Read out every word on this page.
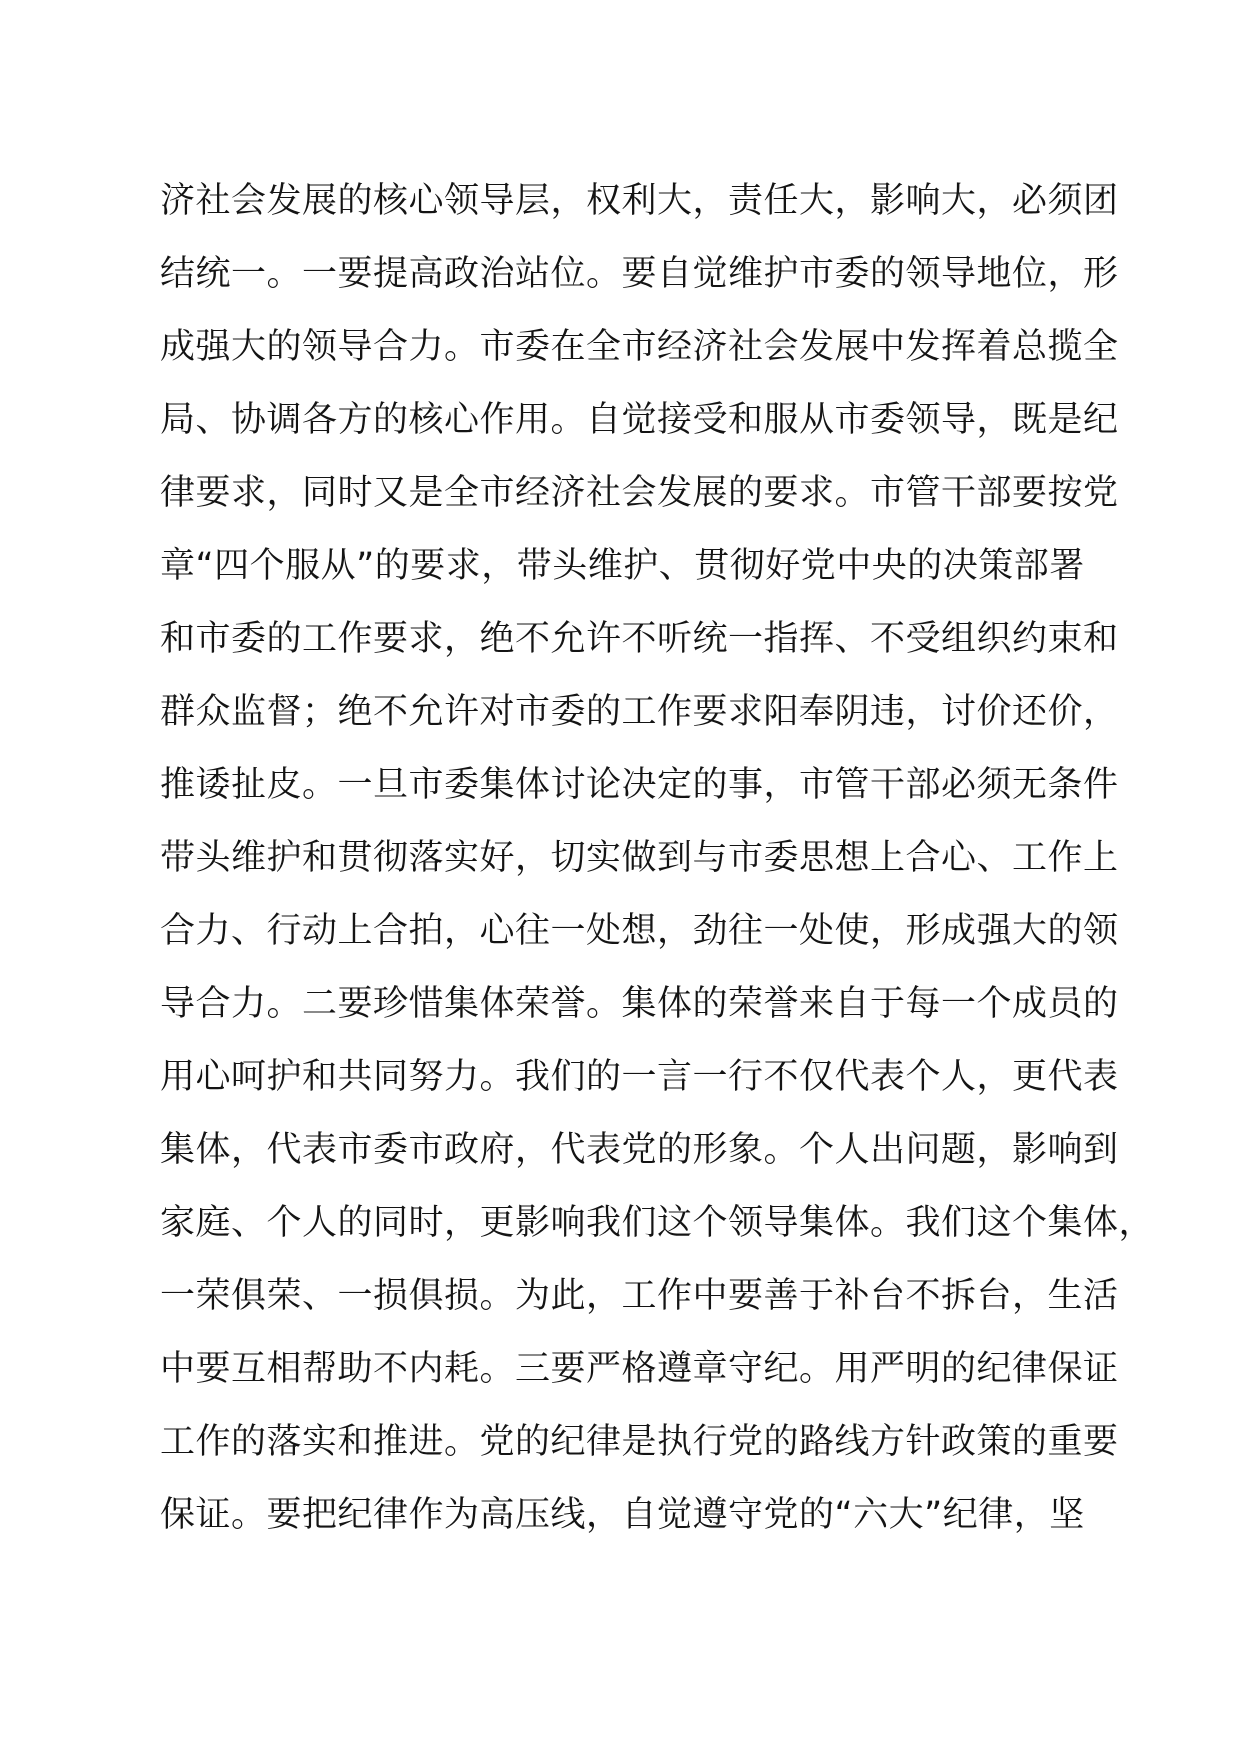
济社会发展的核心领导层，权利大，责任大，影响大，必须团
结统一。一要提高政治站位。要自觉维护市委的领导地位，形
成强大的领导合力。市委在全市经济社会发展中发挥着总揽全
局、协调各方的核心作用。自觉接受和服从市委领导，既是纪
律要求，同时又是全市经济社会发展的要求。市管干部要按党
章“四个服从”的要求，带头维护、贯彻好党中央的决策部署
和市委的工作要求，绝不允许不听统一指挥、不受组织约束和
群众监督；绝不允许对市委的工作要求阳奉阴违，讨价还价，
推诿扯皮。一旦市委集体讨论决定的事，市管干部必须无条件
带头维护和贯彻落实好，切实做到与市委思想上合心、工作上
合力、行动上合拍，心往一处想，劲往一处使，形成强大的领
导合力。二要珍惜集体荣誉。集体的荣誉来自于每一个成员的
用心呵护和共同努力。我们的一言一行不仅代表个人，更代表
集体，代表市委市政府，代表党的形象。个人出问题，影响到
家庭、个人的同时，更影响我们这个领导集体。我们这个集体，
一荣俱荣、一损俱损。为此，工作中要善于补台不拆台，生活
中要互相帮助不内耗。三要严格遵章守纪。用严明的纪律保证
工作的落实和推进。党的纪律是执行党的路线方针政策的重要
保证。要把纪律作为高压线，自觉遵守党的“六大”纪律，坚
